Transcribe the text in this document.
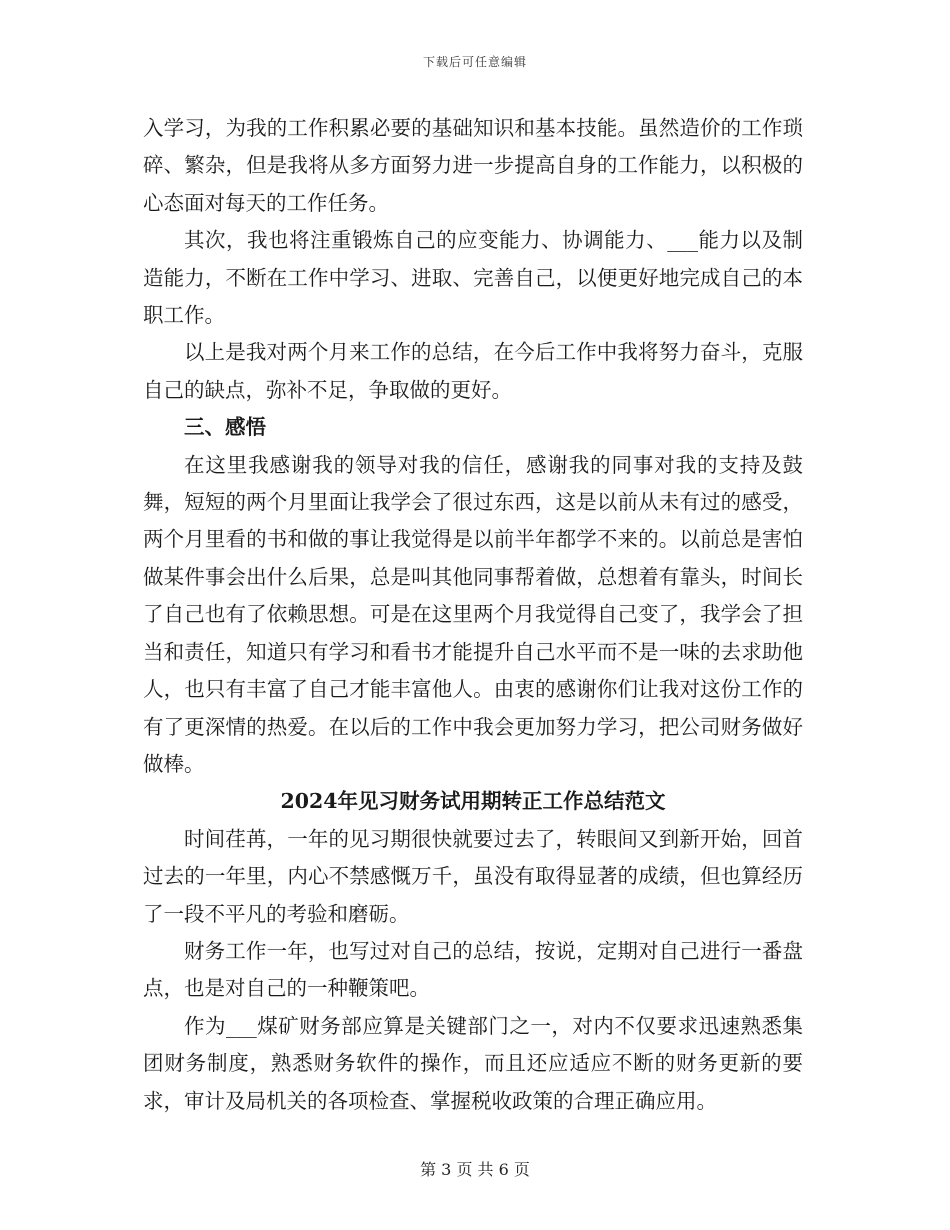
下载后可任意编辑

入学习，为我的工作积累必要的基础知识和基本技能。虽然造价的工作琐碎、繁杂，但是我将从多方面努力进一步提高自身的工作能力，以积极的心态面对每天的工作任务。

其次，我也将注重锻炼自己的应变能力、协调能力、___能力以及制造能力，不断在工作中学习、进取、完善自己，以便更好地完成自己的本职工作。

以上是我对两个月来工作的总结，在今后工作中我将努力奋斗，克服自己的缺点，弥补不足，争取做的更好。

三、感悟

在这里我感谢我的领导对我的信任，感谢我的同事对我的支持及鼓舞，短短的两个月里面让我学会了很过东西，这是以前从未有过的感受，两个月里看的书和做的事让我觉得是以前半年都学不来的。以前总是害怕做某件事会出什么后果，总是叫其他同事帮着做，总想着有靠头，时间长了自己也有了依赖思想。可是在这里两个月我觉得自己变了，我学会了担当和责任，知道只有学习和看书才能提升自己水平而不是一味的去求助他人，也只有丰富了自己才能丰富他人。由衷的感谢你们让我对这份工作的有了更深情的热爱。在以后的工作中我会更加努力学习，把公司财务做好做棒。

2024年见习财务试用期转正工作总结范文

时间荏苒，一年的见习期很快就要过去了，转眼间又到新开始，回首过去的一年里，内心不禁感慨万千，虽没有取得显著的成绩，但也算经历了一段不平凡的考验和磨砺。

财务工作一年，也写过对自己的总结，按说，定期对自己进行一番盘点，也是对自己的一种鞭策吧。

作为___煤矿财务部应算是关键部门之一，对内不仅要求迅速熟悉集团财务制度，熟悉财务软件的操作，而且还应适应不断的财务更新的要求，审计及局机关的各项检查、掌握税收政策的合理正确应用。

第 3 页 共 6 页
